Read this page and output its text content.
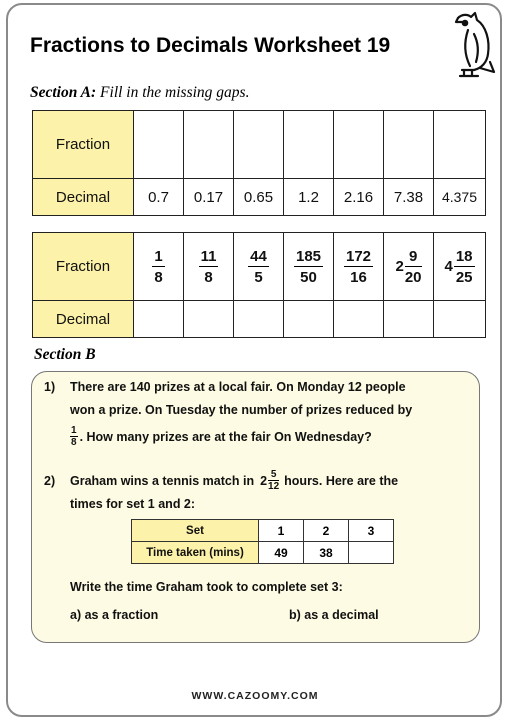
Fractions to Decimals Worksheet 19
Section A: Fill in the missing gaps.
Fraction							
Decimal	0.7	0.17	0.65	1.2	2.16	7.38	4.375
Fraction	$\frac{1}{8}$	$\frac{11}{8}$	$\frac{44}{5}$	$\frac{185}{50}$	$\frac{172}{16}$	$2 \frac{9}{20}$	$4 \frac{18}{25}$

Decimal							
Section B
1) There are 140 prizes at a local fair. On Monday 12 people
won a prize. On Tuesday the number of prizes reduced by
1
8 . How many prizes are at the fair On Wednesday?
2) Graham wins a tennis match in 2 5
12 hours. Here are the
times for set 1 and 2:
Set	1	2	3
Time taken (mins)	49	38	
Write the time Graham took to complete set 3:
a) as a fraction	b) as a decimal
WWW.CAZOOMY.COM
